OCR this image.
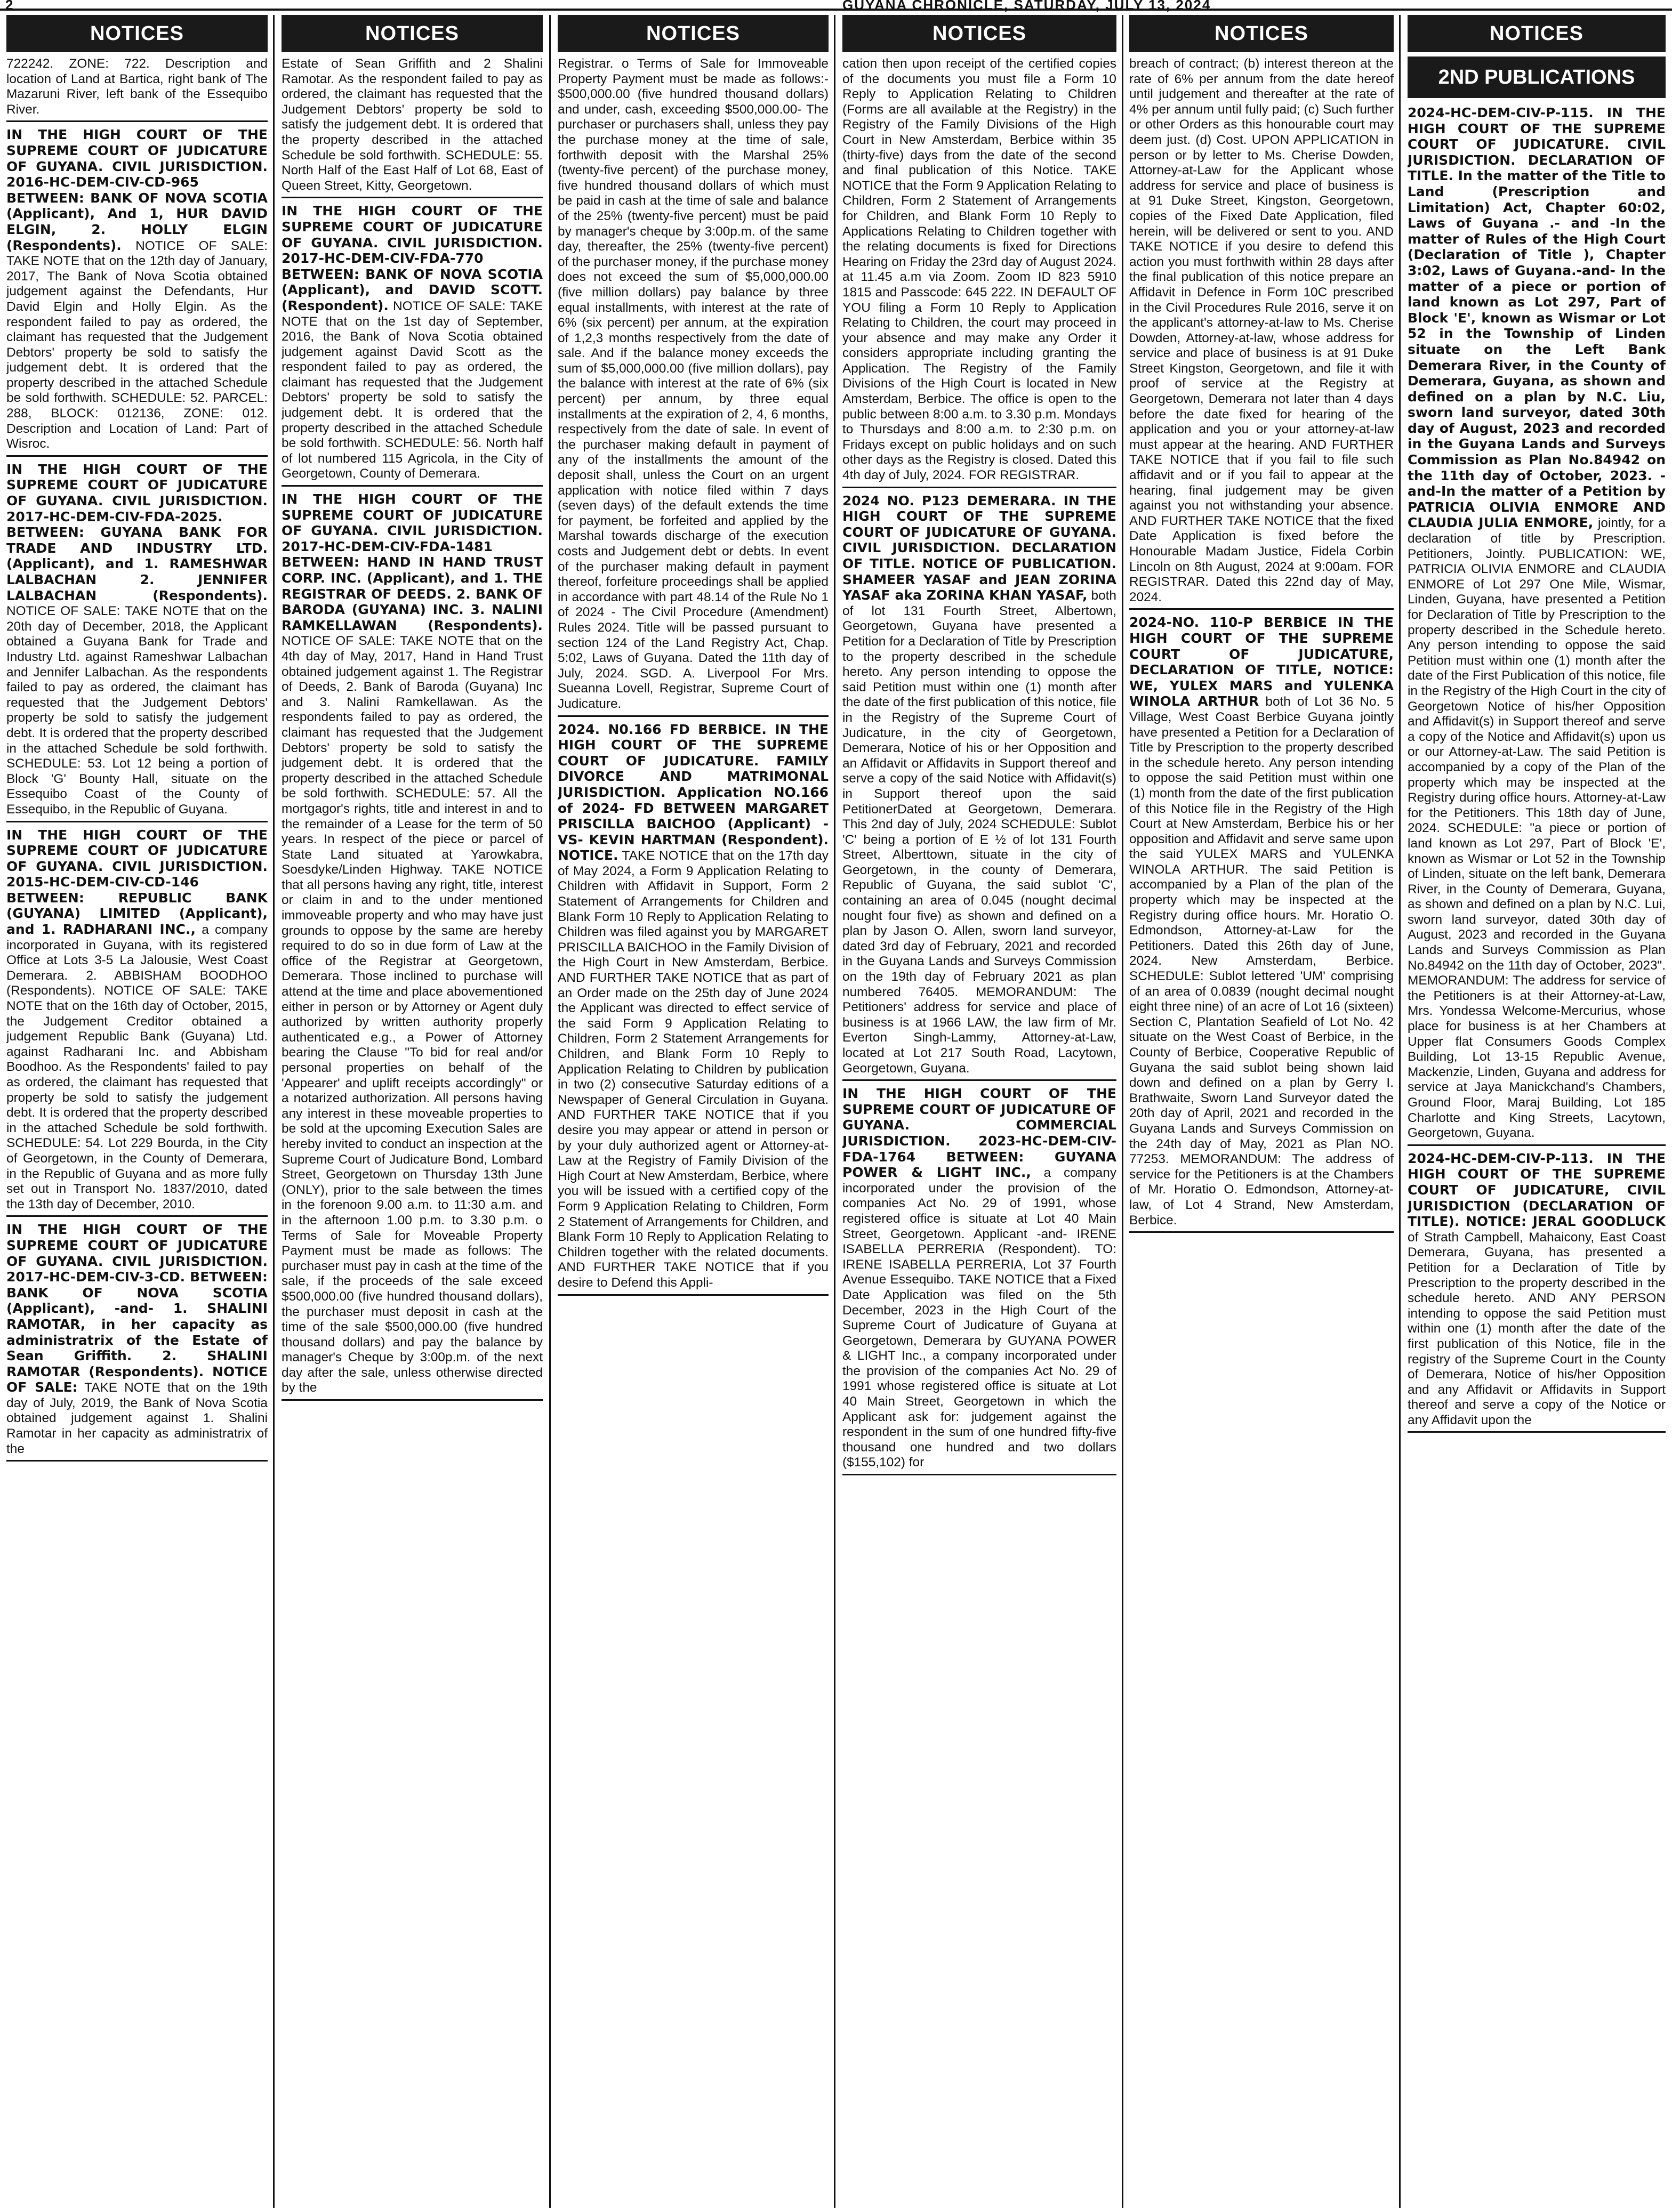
2	GUYANA CHRONICLE, SATURDAY, JULY 13, 2024
NOTICES
722242. ZONE: 722. Description and location of Land at Bartica, right bank of The Mazaruni River, left bank of the Essequibo River.
IN THE HIGH COURT OF THE SUPREME COURT OF JUDICATURE OF GUYANA. CIVIL JURISDICTION. 2016-HC-DEM-CIV-CD-965 BETWEEN: BANK OF NOVA SCOTIA (Applicant), And 1, HUR DAVID ELGIN, 2. HOLLY ELGIN (Respondents). NOTICE OF SALE: TAKE NOTE that on the 12th day of January, 2017, The Bank of Nova Scotia obtained judgement against the Defendants, Hur David Elgin and Holly Elgin. As the respondent failed to pay as ordered, the claimant has requested that the Judgement Debtors' property be sold to satisfy the judgement debt. It is ordered that the property described in the attached Schedule be sold forthwith. SCHEDULE: 52. PARCEL: 288, BLOCK: 012136, ZONE: 012. Description and Location of Land: Part of Wisroc.
IN THE HIGH COURT OF THE SUPREME COURT OF JUDICATURE OF GUYANA. CIVIL JURISDICTION. 2017-HC-DEM-CIV-FDA-2025. BETWEEN: GUYANA BANK FOR TRADE AND INDUSTRY LTD. (Applicant), and 1. RAMESHWAR LALBACHAN 2. JENNIFER LALBACHAN (Respondents). NOTICE OF SALE: TAKE NOTE that on the 20th day of December, 2018, the Applicant obtained a Guyana Bank for Trade and Industry Ltd. against Rameshwar Lalbachan and Jennifer Lalbachan. As the respondents failed to pay as ordered, the claimant has requested that the Judgement Debtors' property be sold to satisfy the judgement debt. It is ordered that the property described in the attached Schedule be sold forthwith. SCHEDULE: 53. Lot 12 being a portion of Block 'G' Bounty Hall, situate on the Essequibo Coast of the County of Essequibo, in the Republic of Guyana.
IN THE HIGH COURT OF THE SUPREME COURT OF JUDICATURE OF GUYANA. CIVIL JURISDICTION. 2015-HC-DEM-CIV-CD-146 BETWEEN: REPUBLIC BANK (GUYANA) LIMITED (Applicant), and 1. RADHARANI INC., a company incorporated in Guyana, with its registered Office at Lots 3-5 La Jalousie, West Coast Demerara. 2. ABBISHAM BOODHOO (Respondents). NOTICE OF SALE: TAKE NOTE that on the 16th day of October, 2015, the Judgement Creditor obtained a judgement Republic Bank (Guyana) Ltd. against Radharani Inc. and Abbisham Boodhoo. As the Respondents' failed to pay as ordered, the claimant has requested that property be sold to satisfy the judgement debt. It is ordered that the property described in the attached Schedule be sold forthwith. SCHEDULE: 54. Lot 229 Bourda, in the City of Georgetown, in the County of Demerara, in the Republic of Guyana and as more fully set out in Transport No. 1837/2010, dated the 13th day of December, 2010.
IN THE HIGH COURT OF THE SUPREME COURT OF JUDICATURE OF GUYANA. CIVIL JURISDICTION. 2017-HC-DEM-CIV-3-CD. BETWEEN: BANK OF NOVA SCOTIA (Applicant), -and- 1. SHALINI RAMOTAR, in her capacity as administratrix of the Estate of Sean Griffith. 2. SHALINI RAMOTAR (Respondents). NOTICE OF SALE: TAKE NOTE that on the 19th day of July, 2019, the Bank of Nova Scotia obtained judgement against 1. Shalini Ramotar in her capacity as administratrix of the
NOTICES
Estate of Sean Griffith and 2 Shalini Ramotar. As the respondent failed to pay as ordered, the claimant has requested that the Judgement Debtors' property be sold to satisfy the judgement debt. It is ordered that the property described in the attached Schedule be sold forthwith. SCHEDULE: 55. North Half of the East Half of Lot 68, East of Queen Street, Kitty, Georgetown.
IN THE HIGH COURT OF THE SUPREME COURT OF JUDICATURE OF GUYANA. CIVIL JURISDICTION. 2017-HC-DEM-CIV-FDA-770 BETWEEN: BANK OF NOVA SCOTIA (Applicant), and DAVID SCOTT. (Respondent). NOTICE OF SALE: TAKE NOTE that on the 1st day of September, 2016, the Bank of Nova Scotia obtained judgement against David Scott as the respondent failed to pay as ordered, the claimant has requested that the Judgement Debtors' property be sold to satisfy the judgement debt. It is ordered that the property described in the attached Schedule be sold forthwith. SCHEDULE: 56. North half of lot numbered 115 Agricola, in the City of Georgetown, County of Demerara.
IN THE HIGH COURT OF THE SUPREME COURT OF JUDICATURE OF GUYANA. CIVIL JURISDICTION. 2017-HC-DEM-CIV-FDA-1481 BETWEEN: HAND IN HAND TRUST CORP. INC. (Applicant), and 1. THE REGISTRAR OF DEEDS. 2. BANK OF BARODA (GUYANA) INC. 3. NALINI RAMKELLAWAN (Respondents). NOTICE OF SALE: TAKE NOTE that on the 4th day of May, 2017, Hand in Hand Trust obtained judgement against 1. The Registrar of Deeds, 2. Bank of Baroda (Guyana) Inc and 3. Nalini Ramkellawan. As the respondents failed to pay as ordered, the claimant has requested that the Judgement Debtors' property be sold to satisfy the judgement debt. It is ordered that the property described in the attached Schedule be sold forthwith. SCHEDULE: 57. All the mortgagor's rights, title and interest in and to the remainder of a Lease for the term of 50 years. In respect of the piece or parcel of State Land situated at Yarowkabra, Soesdyke/Linden Highway. TAKE NOTICE that all persons having any right, title, interest or claim in and to the under mentioned immoveable property and who may have just grounds to oppose by the same are hereby required to do so in due form of Law at the office of the Registrar at Georgetown, Demerara. Those inclined to purchase will attend at the time and place abovementioned either in person or by Attorney or Agent duly authorized by written authority properly authenticated e.g., a Power of Attorney bearing the Clause "To bid for real and/or personal properties on behalf of the 'Appearer' and uplift receipts accordingly" or a notarized authorization. All persons having any interest in these moveable properties to be sold at the upcoming Execution Sales are hereby invited to conduct an inspection at the Supreme Court of Judicature Bond, Lombard Street, Georgetown on Thursday 13th June (ONLY), prior to the sale between the times in the forenoon 9.00 a.m. to 11:30 a.m. and in the afternoon 1.00 p.m. to 3.30 p.m. o Terms of Sale for Moveable Property Payment must be made as follows: The purchaser must pay in cash at the time of the sale, if the proceeds of the sale exceed $500,000.00 (five hundred thousand dollars), the purchaser must deposit in cash at the time of the sale $500,000.00 (five hundred thousand dollars) and pay the balance by manager's Cheque by 3:00p.m. of the next day after the sale, unless otherwise directed by the
NOTICES
Registrar. o Terms of Sale for Immoveable Property Payment must be made as follows:- $500,000.00 (five hundred thousand dollars) and under, cash, exceeding $500,000.00- The purchaser or purchasers shall, unless they pay the purchase money at the time of sale, forthwith deposit with the Marshal 25% (twenty-five percent) of the purchase money, five hundred thousand dollars of which must be paid in cash at the time of sale and balance of the 25% (twenty-five percent) must be paid by manager's cheque by 3:00p.m. of the same day, thereafter, the 25% (twenty-five percent) of the purchaser money, if the purchase money does not exceed the sum of $5,000,000.00 (five million dollars) pay balance by three equal installments, with interest at the rate of 6% (six percent) per annum, at the expiration of 1,2,3 months respectively from the date of sale. And if the balance money exceeds the sum of $5,000,000.00 (five million dollars), pay the balance with interest at the rate of 6% (six percent) per annum, by three equal installments at the expiration of 2, 4, 6 months, respectively from the date of sale. In event of the purchaser making default in payment of any of the installments the amount of the deposit shall, unless the Court on an urgent application with notice filed within 7 days (seven days) of the default extends the time for payment, be forfeited and applied by the Marshal towards discharge of the execution costs and Judgement debt or debts. In event of the purchaser making default in payment thereof, forfeiture proceedings shall be applied in accordance with part 48.14 of the Rule No 1 of 2024 - The Civil Procedure (Amendment) Rules 2024. Title will be passed pursuant to section 124 of the Land Registry Act, Chap. 5:02, Laws of Guyana. Dated the 11th day of July, 2024. SGD. A. Liverpool For Mrs. Sueanna Lovell, Registrar, Supreme Court of Judicature.
2024. N0.166 FD BERBICE. IN THE HIGH COURT OF THE SUPREME COURT OF JUDICATURE. FAMILY DIVORCE AND MATRIMONAL JURISDICTION. Application NO.166 of 2024- FD BETWEEN MARGARET PRISCILLA BAICHOO (Applicant) -VS- KEVIN HARTMAN (Respondent). NOTICE. TAKE NOTICE that on the 17th day of May 2024, a Form 9 Application Relating to Children with Affidavit in Support, Form 2 Statement of Arrangements for Children and Blank Form 10 Reply to Application Relating to Children was filed against you by MARGARET PRISCILLA BAICHOO in the Family Division of the High Court in New Amsterdam, Berbice. AND FURTHER TAKE NOTICE that as part of an Order made on the 25th day of June 2024 the Applicant was directed to effect service of the said Form 9 Application Relating to Children, Form 2 Statement Arrangements for Children, and Blank Form 10 Reply to Application Relating to Children by publication in two (2) consecutive Saturday editions of a Newspaper of General Circulation in Guyana. AND FURTHER TAKE NOTICE that if you desire you may appear or attend in person or by your duly authorized agent or Attorney-at-Law at the Registry of Family Division of the High Court at New Amsterdam, Berbice, where you will be issued with a certified copy of the Form 9 Application Relating to Children, Form 2 Statement of Arrangements for Children, and Blank Form 10 Reply to Application Relating to Children together with the related documents. AND FURTHER TAKE NOTICE that if you desire to Defend this Appli-
NOTICES
cation then upon receipt of the certified copies of the documents you must file a Form 10 Reply to Application Relating to Children (Forms are all available at the Registry) in the Registry of the Family Divisions of the High Court in New Amsterdam, Berbice within 35 (thirty-five) days from the date of the second and final publication of this Notice. TAKE NOTICE that the Form 9 Application Relating to Children, Form 2 Statement of Arrangements for Children, and Blank Form 10 Reply to Applications Relating to Children together with the relating documents is fixed for Directions Hearing on Friday the 23rd day of August 2024. at 11.45 a.m via Zoom. Zoom ID 823 5910 1815 and Passcode: 645 222. IN DEFAULT OF YOU filing a Form 10 Reply to Application Relating to Children, the court may proceed in your absence and may make any Order it considers appropriate including granting the Application. The Registry of the Family Divisions of the High Court is located in New Amsterdam, Berbice. The office is open to the public between 8:00 a.m. to 3.30 p.m. Mondays to Thursdays and 8:00 a.m. to 2:30 p.m. on Fridays except on public holidays and on such other days as the Registry is closed. Dated this 4th day of July, 2024. FOR REGISTRAR.
2024 NO. P123 DEMERARA. IN THE HIGH COURT OF THE SUPREME COURT OF JUDICATURE OF GUYANA. CIVIL JURISDICTION. DECLARATION OF TITLE. NOTICE OF PUBLICATION. SHAMEER YASAF and JEAN ZORINA YASAF aka ZORINA KHAN YASAF, both of lot 131 Fourth Street, Albertown, Georgetown, Guyana have presented a Petition for a Declaration of Title by Prescription to the property described in the schedule hereto. Any person intending to oppose the said Petition must within one (1) month after the date of the first publication of this notice, file in the Registry of the Supreme Court of Judicature, in the city of Georgetown, Demerara, Notice of his or her Opposition and an Affidavit or Affidavits in Support thereof and serve a copy of the said Notice with Affidavit(s) in Support thereof upon the said PetitionerDated at Georgetown, Demerara. This 2nd day of July, 2024 SCHEDULE: Sublot 'C' being a portion of E ½ of lot 131 Fourth Street, Alberttown, situate in the city of Georgetown, in the county of Demerara, Republic of Guyana, the said sublot 'C', containing an area of 0.045 (nought decimal nought four five) as shown and defined on a plan by Jason O. Allen, sworn land surveyor, dated 3rd day of February, 2021 and recorded in the Guyana Lands and Surveys Commission on the 19th day of February 2021 as plan numbered 76405. MEMORANDUM: The Petitioners' address for service and place of business is at 1966 LAW, the law firm of Mr. Everton Singh-Lammy, Attorney-at-Law, located at Lot 217 South Road, Lacytown, Georgetown, Guyana.
IN THE HIGH COURT OF THE SUPREME COURT OF JUDICATURE OF GUYANA. COMMERCIAL JURISDICTION. 2023-HC-DEM-CIV-FDA-1764 BETWEEN: GUYANA POWER & LIGHT INC., a company incorporated under the provision of the companies Act No. 29 of 1991, whose registered office is situate at Lot 40 Main Street, Georgetown. Applicant -and- IRENE ISABELLA PERRERIA (Respondent). TO: IRENE ISABELLA PERRERIA, Lot 37 Fourth Avenue Essequibo. TAKE NOTICE that a Fixed Date Application was filed on the 5th December, 2023 in the High Court of the Supreme Court of Judicature of Guyana at Georgetown, Demerara by GUYANA POWER & LIGHT Inc., a company incorporated under the provision of the companies Act No. 29 of 1991 whose registered office is situate at Lot 40 Main Street, Georgetown in which the Applicant ask for: judgement against the respondent in the sum of one hundred fifty-five thousand one hundred and two dollars ($155,102) for
NOTICES
breach of contract; (b) interest thereon at the rate of 6% per annum from the date hereof until judgement and thereafter at the rate of 4% per annum until fully paid; (c) Such further or other Orders as this honourable court may deem just. (d) Cost. UPON APPLICATION in person or by letter to Ms. Cherise Dowden, Attorney-at-Law for the Applicant whose address for service and place of business is at 91 Duke Street, Kingston, Georgetown, copies of the Fixed Date Application, filed herein, will be delivered or sent to you. AND TAKE NOTICE if you desire to defend this action you must forthwith within 28 days after the final publication of this notice prepare an Affidavit in Defence in Form 10C prescribed in the Civil Procedures Rule 2016, serve it on the applicant's attorney-at-law to Ms. Cherise Dowden, Attorney-at-law, whose address for service and place of business is at 91 Duke Street Kingston, Georgetown, and file it with proof of service at the Registry at Georgetown, Demerara not later than 4 days before the date fixed for hearing of the application and you or your attorney-at-law must appear at the hearing. AND FURTHER TAKE NOTICE that if you fail to file such affidavit and or if you fail to appear at the hearing, final judgement may be given against you not withstanding your absence. AND FURTHER TAKE NOTICE that the fixed Date Application is fixed before the Honourable Madam Justice, Fidela Corbin Lincoln on 8th August, 2024 at 9:00am. FOR REGISTRAR. Dated this 22nd day of May, 2024.
2024-NO. 110-P BERBICE IN THE HIGH COURT OF THE SUPREME COURT OF JUDICATURE, DECLARATION OF TITLE, NOTICE: WE, YULEX MARS and YULENKA WINOLA ARTHUR both of Lot 36 No. 5 Village, West Coast Berbice Guyana jointly have presented a Petition for a Declaration of Title by Prescription to the property described in the schedule hereto. Any person intending to oppose the said Petition must within one (1) month from the date of the first publication of this Notice file in the Registry of the High Court at New Amsterdam, Berbice his or her opposition and Affidavit and serve same upon the said YULEX MARS and YULENKA WINOLA ARTHUR. The said Petition is accompanied by a Plan of the plan of the property which may be inspected at the Registry during office hours. Mr. Horatio O. Edmondson, Attorney-at-Law for the Petitioners. Dated this 26th day of June, 2024. New Amsterdam, Berbice. SCHEDULE: Sublot lettered 'UM' comprising of an area of 0.0839 (nought decimal nought eight three nine) of an acre of Lot 16 (sixteen) Section C, Plantation Seafield of Lot No. 42 situate on the West Coast of Berbice, in the County of Berbice, Cooperative Republic of Guyana the said sublot being shown laid down and defined on a plan by Gerry I. Brathwaite, Sworn Land Surveyor dated the 20th day of April, 2021 and recorded in the Guyana Lands and Surveys Commission on the 24th day of May, 2021 as Plan NO. 77253. MEMORANDUM: The address of service for the Petitioners is at the Chambers of Mr. Horatio O. Edmondson, Attorney-at-law, of Lot 4 Strand, New Amsterdam, Berbice.
NOTICES
2ND PUBLICATIONS
2024-HC-DEM-CIV-P-115. IN THE HIGH COURT OF THE SUPREME COURT OF JUDICATURE. CIVIL JURISDICTION. DECLARATION OF TITLE. In the matter of the Title to Land (Prescription and Limitation) Act, Chapter 60:02, Laws of Guyana .- and -In the matter of Rules of the High Court (Declaration of Title ), Chapter 3:02, Laws of Guyana.-and- In the matter of a piece or portion of land known as Lot 297, Part of Block 'E', known as Wismar or Lot 52 in the Township of Linden situate on the Left Bank Demerara River, in the County of Demerara, Guyana, as shown and defined on a plan by N.C. Liu, sworn land surveyor, dated 30th day of August, 2023 and recorded in the Guyana Lands and Surveys Commission as Plan No.84942 on the 11th day of October, 2023. -and-In the matter of a Petition by PATRICIA OLIVIA ENMORE AND CLAUDIA JULIA ENMORE, jointly, for a declaration of title by Prescription. Petitioners, Jointly. PUBLICATION: WE, PATRICIA OLIVIA ENMORE and CLAUDIA ENMORE of Lot 297 One Mile, Wismar, Linden, Guyana, have presented a Petition for Declaration of Title by Prescription to the property described in the Schedule hereto. Any person intending to oppose the said Petition must within one (1) month after the date of the First Publication of this notice, file in the Registry of the High Court in the city of Georgetown Notice of his/her Opposition and Affidavit(s) in Support thereof and serve a copy of the Notice and Affidavit(s) upon us or our Attorney-at-Law. The said Petition is accompanied by a copy of the Plan of the property which may be inspected at the Registry during office hours. Attorney-at-Law for the Petitioners. This 18th day of June, 2024. SCHEDULE: "a piece or portion of land known as Lot 297, Part of Block 'E', known as Wismar or Lot 52 in the Township of Linden, situate on the left bank, Demerara River, in the County of Demerara, Guyana, as shown and defined on a plan by N.C. Lui, sworn land surveyor, dated 30th day of August, 2023 and recorded in the Guyana Lands and Surveys Commission as Plan No.84942 on the 11th day of October, 2023". MEMORANDUM: The address for service of the Petitioners is at their Attorney-at-Law, Mrs. Yondessa Welcome-Mercurius, whose place for business is at her Chambers at Upper flat Consumers Goods Complex Building, Lot 13-15 Republic Avenue, Mackenzie, Linden, Guyana and address for service at Jaya Manickchand's Chambers, Ground Floor, Maraj Building, Lot 185 Charlotte and King Streets, Lacytown, Georgetown, Guyana.
2024-HC-DEM-CIV-P-113. IN THE HIGH COURT OF THE SUPREME COURT OF JUDICATURE, CIVIL JURISDICTION (DECLARATION OF TITLE). NOTICE: JERAL GOODLUCK of Strath Campbell, Mahaicony, East Coast Demerara, Guyana, has presented a Petition for a Declaration of Title by Prescription to the property described in the schedule hereto. AND ANY PERSON intending to oppose the said Petition must within one (1) month after the date of the first publication of this Notice, file in the registry of the Supreme Court in the County of Demerara, Notice of his/her Opposition and any Affidavit or Affidavits in Support thereof and serve a copy of the Notice or any Affidavit upon the
